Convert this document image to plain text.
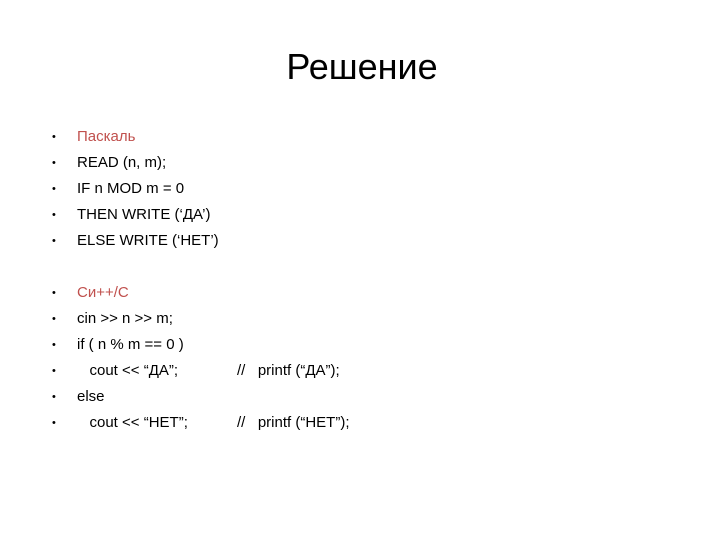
Решение

•

Паскаль

•

READ (n, m);

•

IF n MOD m = 0

•

THEN WRITE (‘ДА’)

•

ELSE WRITE (‘НЕТ’)

•

Си++/С

•

cin >> n >> m;

•

if ( n % m == 0 )

•

cout << “ДА”;

	//   printf (“ДА”);

•

else

•

cout << “НЕТ”;

	//   printf (“НЕТ”);
